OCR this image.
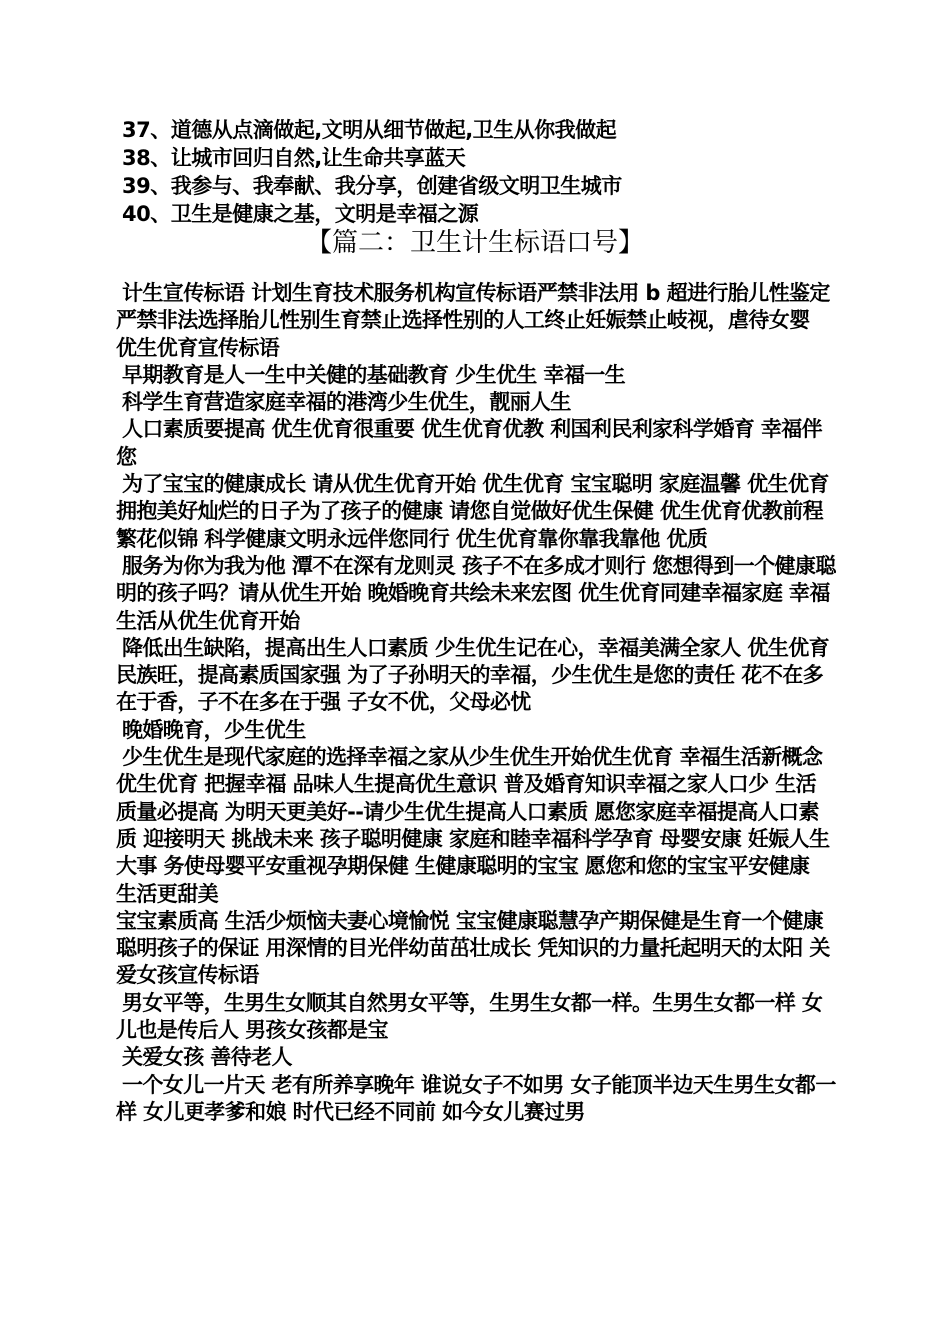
37、道德从点滴做起,文明从细节做起,卫生从你我做起
38、让城市回归自然,让生命共享蓝天
39、我参与、我奉献、我分享，创建省级文明卫生城市
40、卫生是健康之基，文明是幸福之源
【篇二：卫生计生标语口号】
计生宣传标语 计划生育技术服务机构宣传标语严禁非法用 b 超进行胎儿性鉴定严禁非法选择胎儿性别生育禁止选择性别的人工终止妊娠禁止岐视，虐待女婴 优生优育宣传标语
早期教育是人一生中关健的基础教育 少生优生 幸福一生
科学生育营造家庭幸福的港湾少生优生，靓丽人生
人口素质要提高 优生优育很重要 优生优育优教 利国利民利家科学婚育 幸福伴您
为了宝宝的健康成长 请从优生优育开始 优生优育 宝宝聪明 家庭温馨 优生优育 拥抱美好灿烂的日子为了孩子的健康 请您自觉做好优生保健 优生优育优教前程繁花似锦 科学健康文明永远伴您同行 优生优育靠你靠我靠他 优质
服务为你为我为他 潭不在深有龙则灵 孩子不在多成才则行 您想得到一个健康聪明的孩子吗？请从优生开始 晚婚晚育共绘未来宏图 优生优育同建幸福家庭 幸福生活从优生优育开始
降低出生缺陷，提高出生人口素质 少生优生记在心，幸福美满全家人 优生优育民族旺，提高素质国家强 为了子孙明天的幸福，少生优生是您的责任 花不在多在于香，子不在多在于强 子女不优，父母必忧
晚婚晚育，少生优生
少生优生是现代家庭的选择幸福之家从少生优生开始优生优育 幸福生活新概念优生优育 把握幸福 品味人生提高优生意识 普及婚育知识幸福之家人口少 生活质量必提高 为明天更美好--请少生优生提高人口素质 愿您家庭幸福提高人口素质 迎接明天 挑战未来 孩子聪明健康 家庭和睦幸福科学孕育 母婴安康 妊娠人生大事 务使母婴平安重视孕期保健 生健康聪明的宝宝 愿您和您的宝宝平安健康 生活更甜美
宝宝素质高 生活少烦恼夫妻心境愉悦 宝宝健康聪慧孕产期保健是生育一个健康聪明孩子的保证 用深情的目光伴幼苗茁壮成长 凭知识的力量托起明天的太阳 关爱女孩宣传标语
男女平等，生男生女顺其自然男女平等，生男生女都一样。生男生女都一样 女儿也是传后人 男孩女孩都是宝
关爱女孩 善待老人
一个女儿一片天 老有所养享晚年 谁说女子不如男 女子能顶半边天生男生女都一样 女儿更孝爹和娘 时代已经不同前 如今女儿赛过男
